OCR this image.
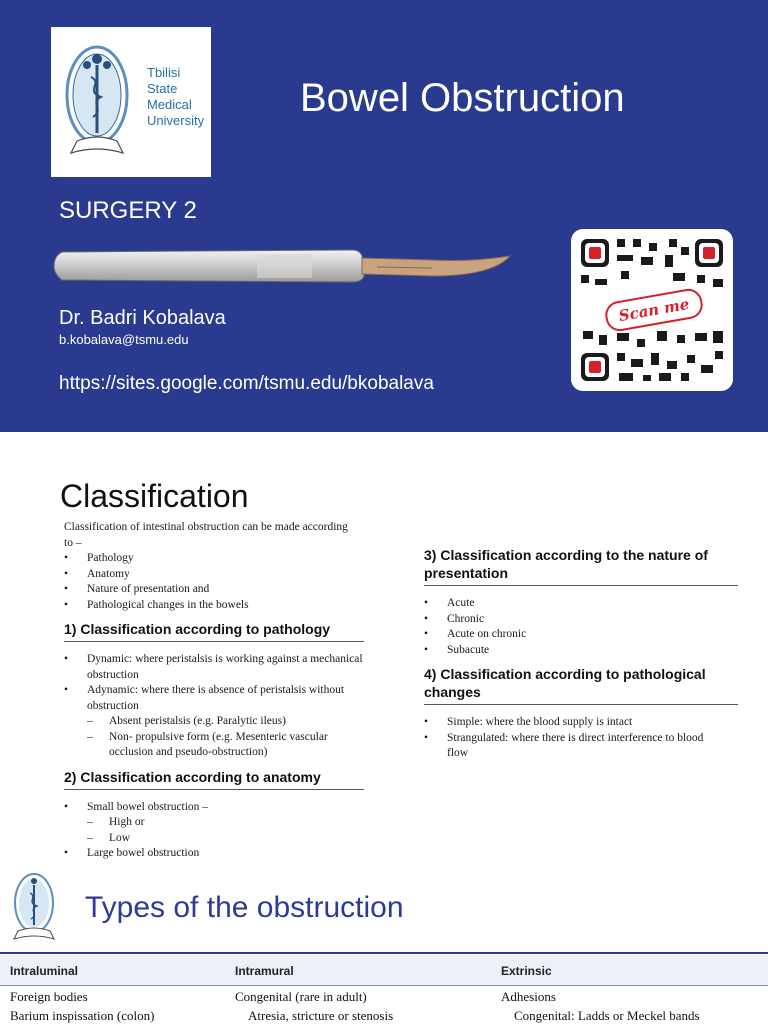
Tbilisi
State
Medical
University
Bowel Obstruction
SURGERY 2
Dr. Badri Kobalava
b.kobalava@tsmu.edu
https://sites.google.com/tsmu.edu/bkobalava
Scan me
Classification
Classification of intestinal obstruction can be made according to –
• Pathology
• Anatomy
• Nature of presentation and
• Pathological changes in the bowels
1) Classification according to pathology
• Dynamic: where peristalsis is working against a mechanical obstruction
• Adynamic: where there is absence of peristalsis without obstruction
– Absent peristalsis (e.g. Paralytic ileus)
– Non- propulsive form (e.g. Mesenteric vascular occlusion and pseudo-obstruction)
2) Classification according to anatomy
• Small bowel obstruction –
– High or
– Low
• Large bowel obstruction
3) Classification according to the nature of presentation
• Acute
• Chronic
• Acute on chronic
• Subacute
4) Classification according to pathological changes
• Simple: where the blood supply is intact
• Strangulated: where there is direct interference to blood flow
Types of the obstruction
Intraluminal	Intramural	Extrinsic
Foreign bodies	Congenital (rare in adult)	Adhesions
Barium inspissation (colon)	Atresia, stricture or stenosis	Congenital: Ladds or Meckel bands
